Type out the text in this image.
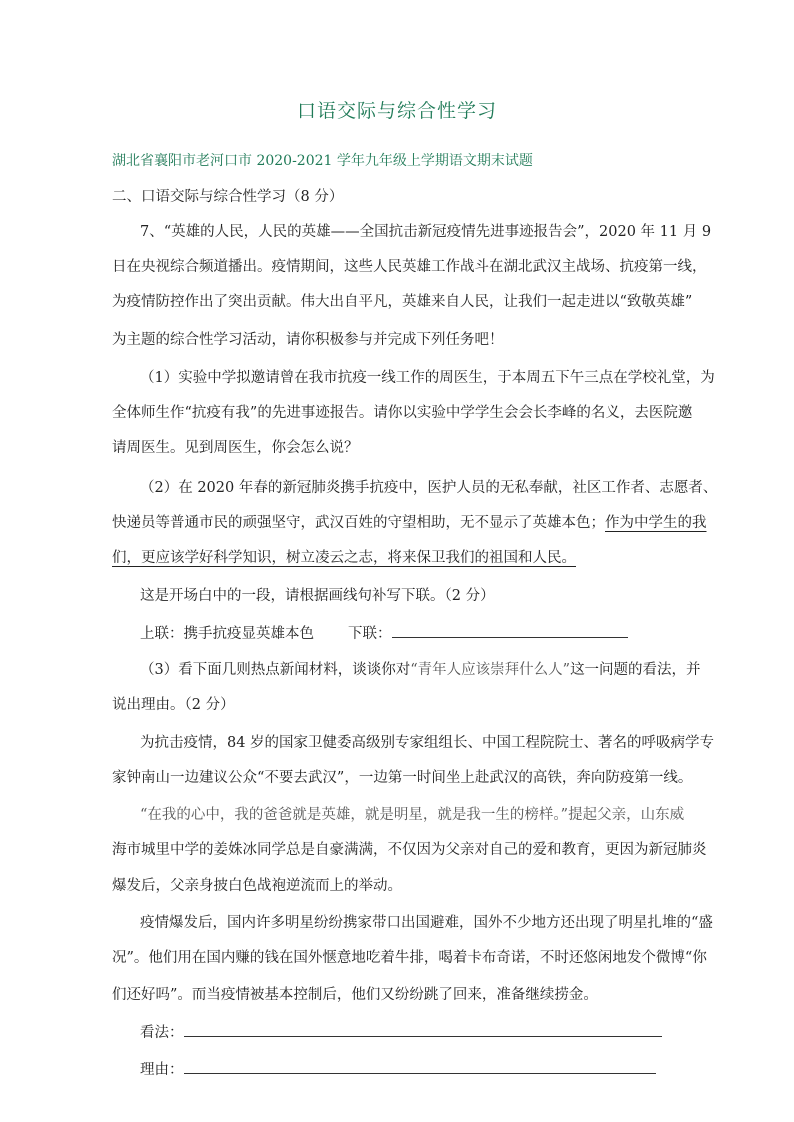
口语交际与综合性学习
湖北省襄阳市老河口市 2020-2021 学年九年级上学期语文期末试题
二、口语交际与综合性学习（8 分）
7、“英雄的人民，人民的英雄——全国抗击新冠疫情先进事迹报告会”，2020 年 11 月 9
日在央视综合频道播出。疫情期间，这些人民英雄工作战斗在湖北武汉主战场、抗疫第一线，
为疫情防控作出了突出贡献。伟大出自平凡，英雄来自人民，让我们一起走进以“致敬英雄”
为主题的综合性学习活动，请你积极参与并完成下列任务吧！
（1）实验中学拟邀请曾在我市抗疫一线工作的周医生，于本周五下午三点在学校礼堂，为
全体师生作“抗疫有我”的先进事迹报告。请你以实验中学学生会会长李峰的名义，去医院邀
请周医生。见到周医生，你会怎么说？
（2）在 2020 年春的新冠肺炎携手抗疫中，医护人员的无私奉献，社区工作者、志愿者、
快递员等普通市民的顽强坚守，武汉百姓的守望相助，无不显示了英雄本色；作为中学生的我
们，更应该学好科学知识，树立凌云之志，将来保卫我们的祖国和人民。
这是开场白中的一段，请根据画线句补写下联。（2 分）
上联：携手抗疫显英雄本色 下联：
（3）看下面几则热点新闻材料，谈谈你对“青年人应该崇拜什么人”这一问题的看法，并
说出理由。（2 分）
为抗击疫情，84 岁的国家卫健委高级别专家组组长、中国工程院院士、著名的呼吸病学专
家钟南山一边建议公众“不要去武汉”，一边第一时间坐上赴武汉的高铁，奔向防疫第一线。
“在我的心中，我的爸爸就是英雄，就是明星，就是我一生的榜样。”提起父亲，山东威
海市城里中学的姜姝冰同学总是自豪满满，不仅因为父亲对自己的爱和教育，更因为新冠肺炎
爆发后，父亲身披白色战袍逆流而上的举动。
疫情爆发后，国内许多明星纷纷携家带口出国避难，国外不少地方还出现了明星扎堆的“盛
况”。他们用在国内赚的钱在国外惬意地吃着牛排，喝着卡布奇诺，不时还悠闲地发个微博“你
们还好吗”。而当疫情被基本控制后，他们又纷纷跳了回来，准备继续捞金。
看法：
理由：
